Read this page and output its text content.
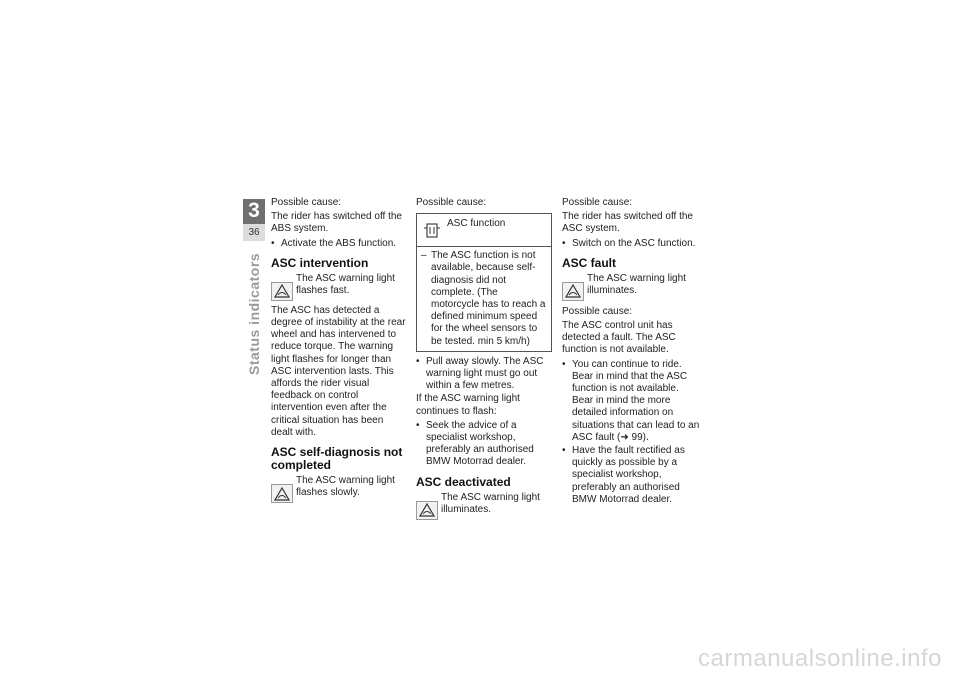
3
36
Status indicators
Possible cause:
The rider has switched off the ABS system.
• Activate the ABS function.
ASC intervention
The ASC warning light flashes fast.
The ASC has detected a degree of instability at the rear wheel and has intervened to reduce torque. The warning light flashes for longer than ASC intervention lasts. This affords the rider visual feedback on control intervention even after the critical situation has been dealt with.
ASC self-diagnosis not completed
The ASC warning light flashes slowly.
Possible cause:
ASC function
– The ASC function is not available, because self-diagnosis did not complete. (The motorcycle has to reach a defined minimum speed for the wheel sensors to be tested. min 5 km/h)
• Pull away slowly. The ASC warning light must go out within a few metres.
If the ASC warning light continues to flash:
• Seek the advice of a specialist workshop, preferably an authorised BMW Motorrad dealer.
ASC deactivated
The ASC warning light illuminates.
Possible cause:
The rider has switched off the ASC system.
• Switch on the ASC function.
ASC fault
The ASC warning light illuminates.
Possible cause:
The ASC control unit has detected a fault. The ASC function is not available.
• You can continue to ride. Bear in mind that the ASC function is not available. Bear in mind the more detailed information on situations that can lead to an ASC fault (➜ 99).
• Have the fault rectified as quickly as possible by a specialist workshop, preferably an authorised BMW Motorrad dealer.
carmanualsonline.info
